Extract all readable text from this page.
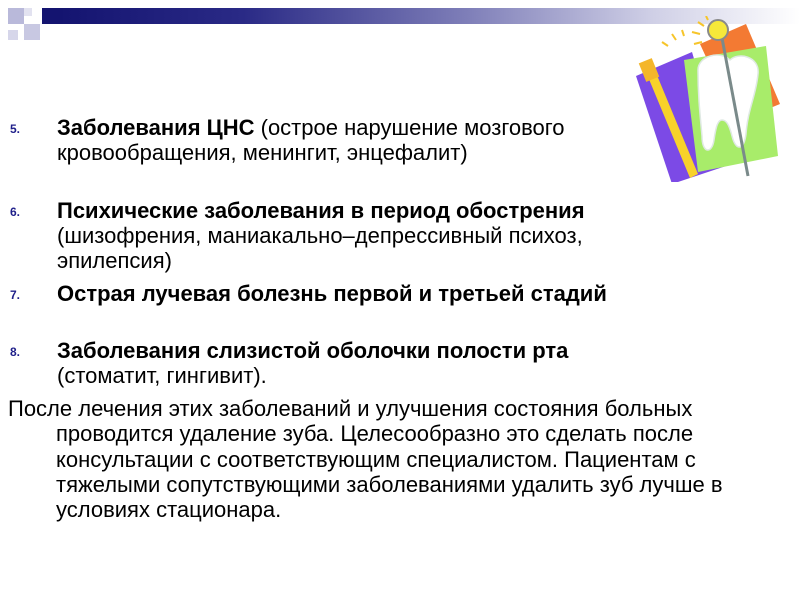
5. Заболевания ЦНС (острое нарушение мозгового кровообращения, менингит, энцефалит)
6. Психические заболевания в период обострения (шизофрения, маниакально–депрессивный психоз, эпилепсия)
7. Острая лучевая болезнь первой и третьей стадий
8. Заболевания слизистой оболочки полости рта (стоматит, гингивит).
После лечения этих заболеваний и улучшения состояния больных проводится удаление зуба. Целесообразно это сделать после консультации с соответствующим специалистом. Пациентам с тяжелыми сопутствующими заболеваниями удалить зуб лучше в условиях стационара.
